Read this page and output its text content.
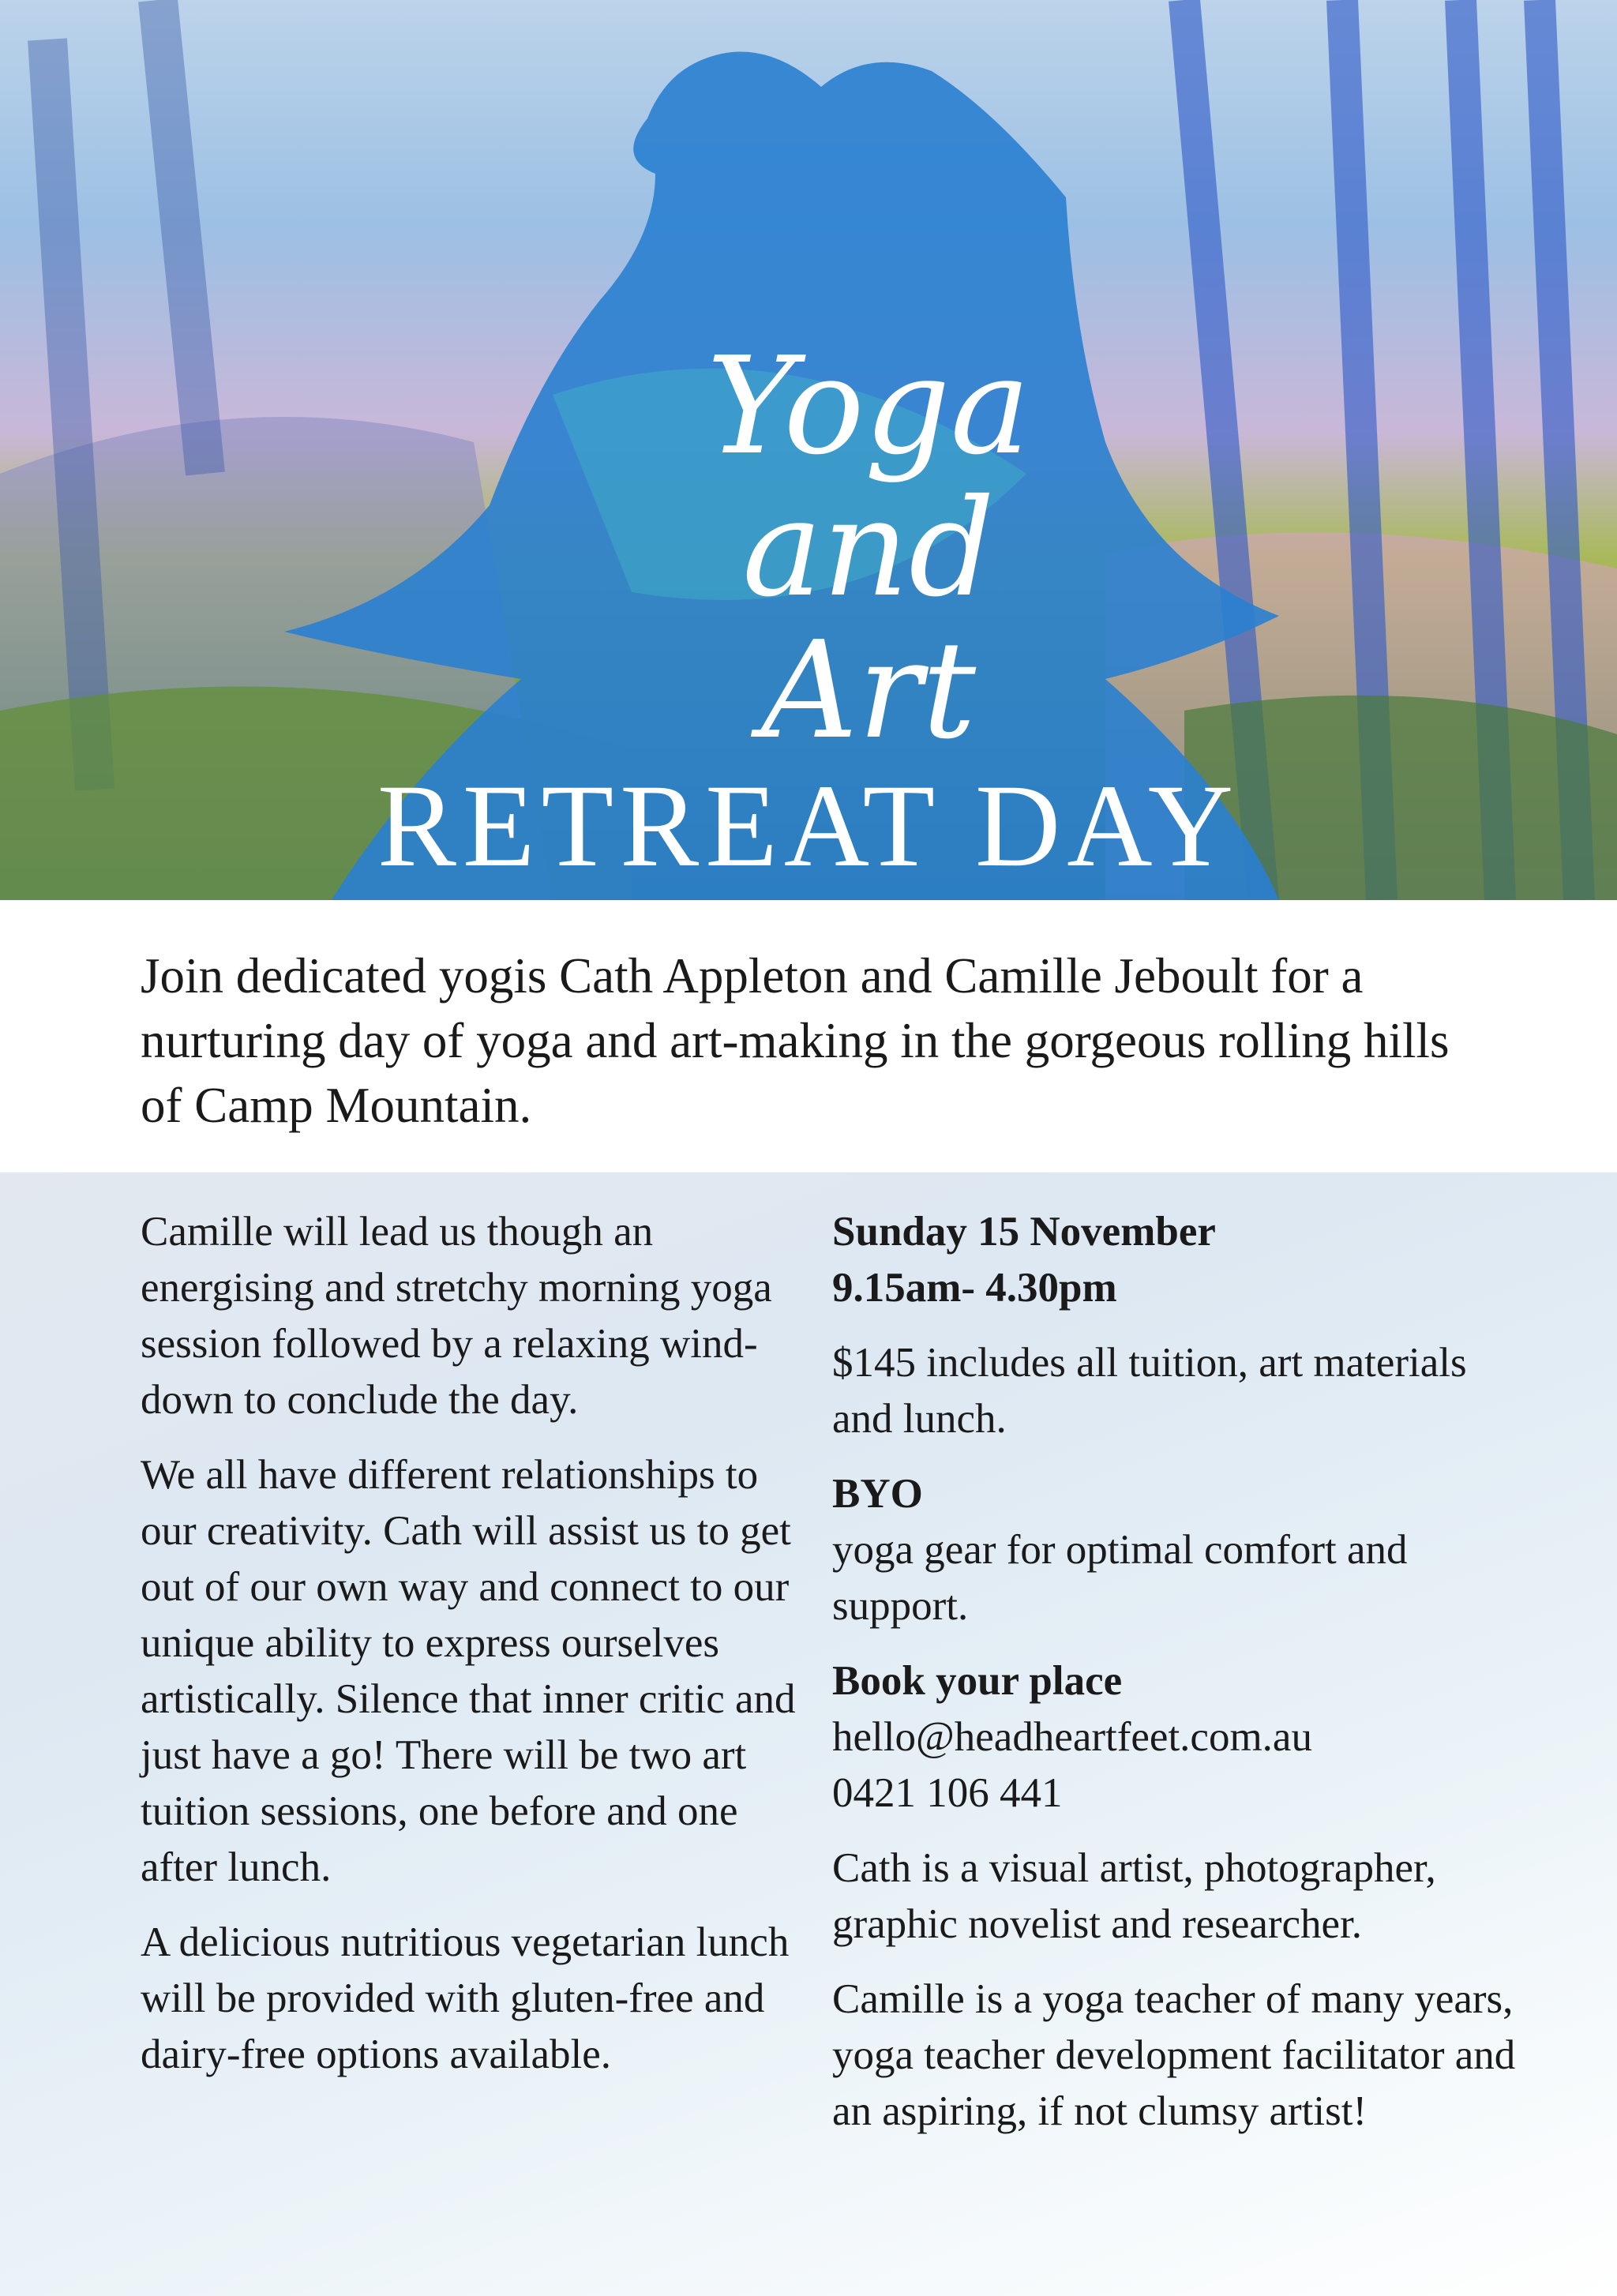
Yoga
and
Art
RETREAT DAY
Join dedicated yogis Cath Appleton and Camille Jeboult for a nurturing day of yoga and art-making in the gorgeous rolling hills of Camp Mountain.

Camille will lead us though an energising and stretchy morning yoga session followed by a relaxing wind-down to conclude the day.

We all have different relationships to our creativity. Cath will assist us to get out of our own way and connect to our unique ability to express ourselves artistically. Silence that inner critic and just have a go! There will be two art tuition sessions, one before and one after lunch.

A delicious nutritious vegetarian lunch will be provided with gluten-free and dairy-free options available.

Sunday 15 November
9.15am- 4.30pm

$145 includes all tuition, art materials and lunch.

BYO
yoga gear for optimal comfort and support.

Book your place
hello@headheartfeet.com.au
0421 106 441

Cath is a visual artist, photographer, graphic novelist and researcher.

Camille is a yoga teacher of many years, yoga teacher development facilitator and an aspiring, if not clumsy artist!
